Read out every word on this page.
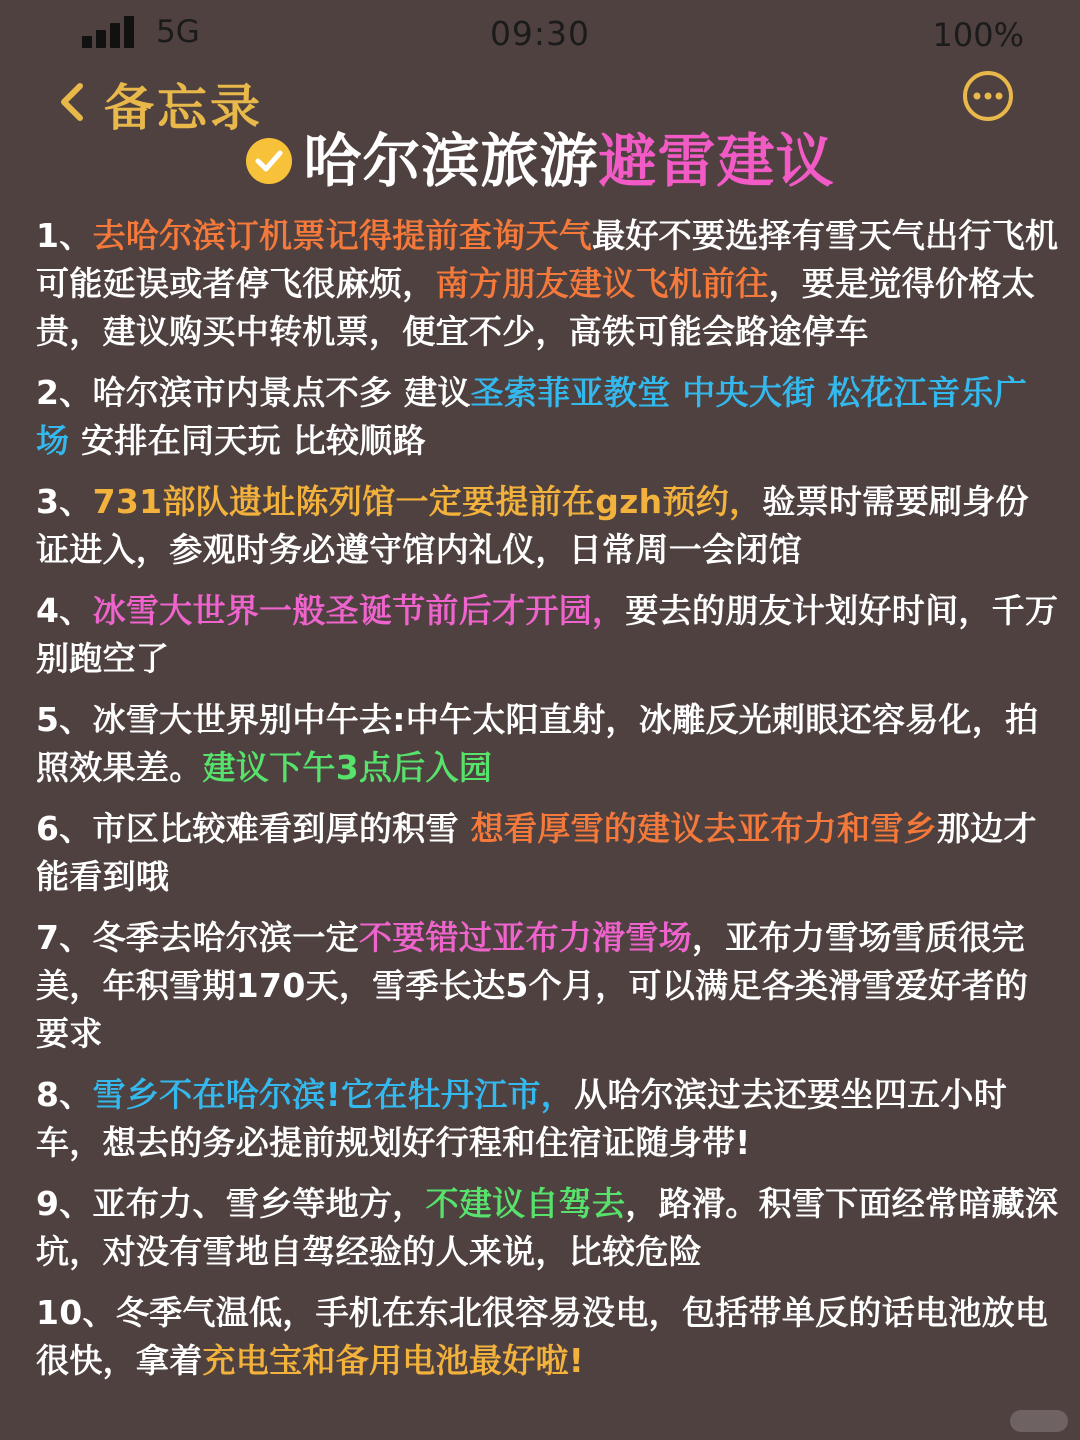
5G	09:30	100%
备忘录
哈尔滨旅游避雷建议
1、去哈尔滨订机票记得提前查询天气最好不要选择有雪天气出行飞机可能延误或者停飞很麻烦，南方朋友建议飞机前往，要是觉得价格太贵，建议购买中转机票，便宜不少，高铁可能会路途停车
2、哈尔滨市内景点不多 建议圣索菲亚教堂 中央大街 松花江音乐广场 安排在同天玩 比较顺路
3、731部队遗址陈列馆一定要提前在gzh预约，验票时需要刷身份证进入，参观时务必遵守馆内礼仪，日常周一会闭馆
4、冰雪大世界一般圣诞节前后才开园，要去的朋友计划好时间，千万别跑空了
5、冰雪大世界别中午去:中午太阳直射，冰雕反光刺眼还容易化，拍照效果差。建议下午3点后入园
6、市区比较难看到厚的积雪 想看厚雪的建议去亚布力和雪乡那边才能看到哦
7、冬季去哈尔滨一定不要错过亚布力滑雪场，亚布力雪场雪质很完美，年积雪期170天，雪季长达5个月，可以满足各类滑雪爱好者的要求
8、雪乡不在哈尔滨!它在牡丹江市，从哈尔滨过去还要坐四五小时车，想去的务必提前规划好行程和住宿证随身带!
9、亚布力、雪乡等地方，不建议自驾去，路滑。积雪下面经常暗藏深坑，对没有雪地自驾经验的人来说，比较危险
10、冬季气温低，手机在东北很容易没电，包括带单反的话电池放电很快，拿着充电宝和备用电池最好啦!
